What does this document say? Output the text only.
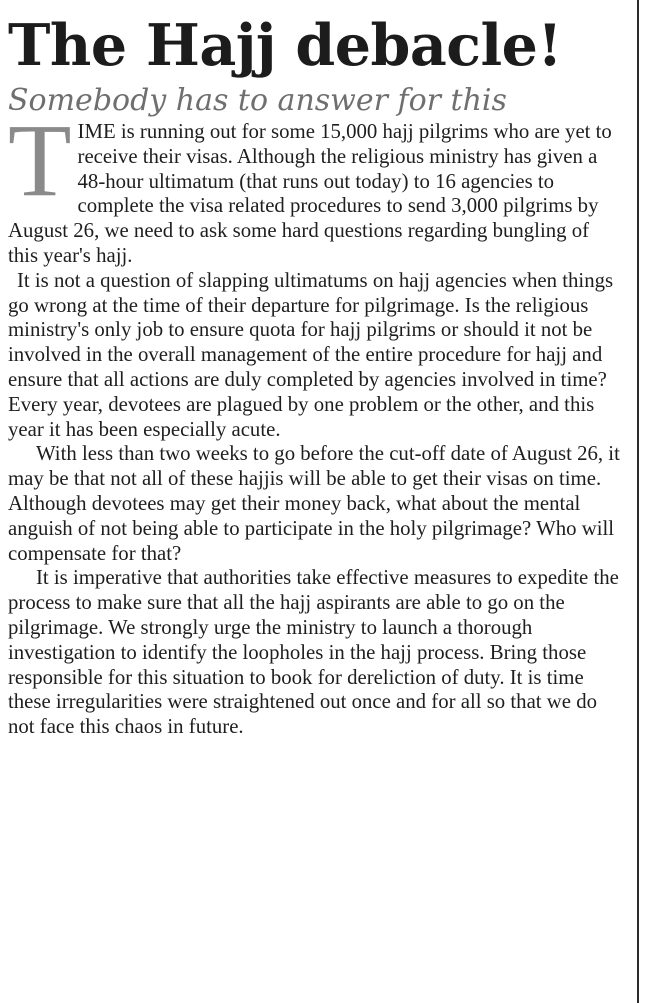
The Hajj debacle!
Somebody has to answer for this

TIME is running out for some 15,000 hajj pilgrims who are yet to receive their visas. Although the religious ministry has given a 48-hour ultimatum (that runs out today) to 16 agencies to complete the visa related procedures to send 3,000 pilgrims by August 26, we need to ask some hard questions regarding bungling of this year's hajj.

It is not a question of slapping ultimatums on hajj agencies when things go wrong at the time of their departure for pilgrimage. Is the religious ministry's only job to ensure quota for hajj pilgrims or should it not be involved in the overall management of the entire procedure for hajj and ensure that all actions are duly completed by agencies involved in time? Every year, devotees are plagued by one problem or the other, and this year it has been especially acute.

With less than two weeks to go before the cut-off date of August 26, it may be that not all of these hajjis will be able to get their visas on time. Although devotees may get their money back, what about the mental anguish of not being able to participate in the holy pilgrimage? Who will compensate for that?

It is imperative that authorities take effective measures to expedite the process to make sure that all the hajj aspirants are able to go on the pilgrimage. We strongly urge the ministry to launch a thorough investigation to identify the loopholes in the hajj process. Bring those responsible for this situation to book for dereliction of duty. It is time these irregularities were straightened out once and for all so that we do not face this chaos in future.
